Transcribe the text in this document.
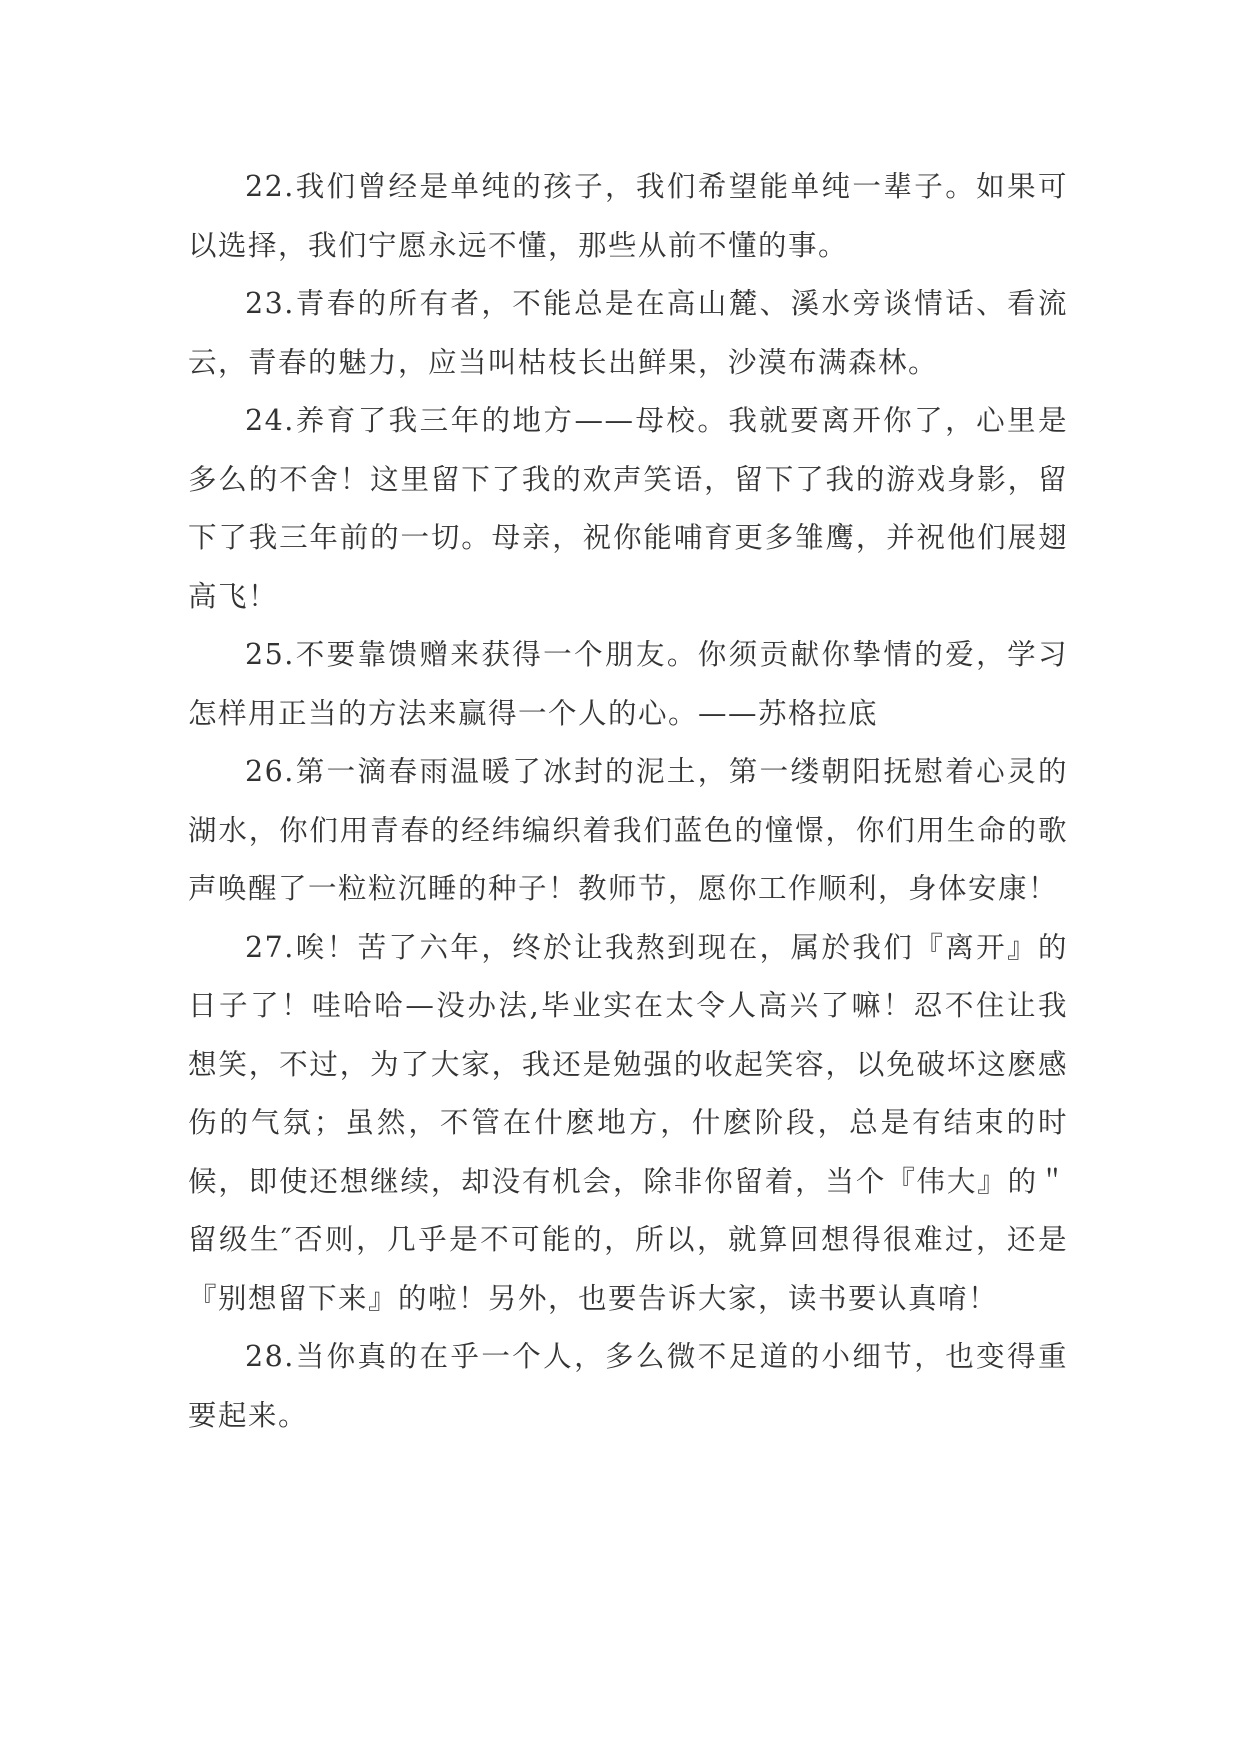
22.我们曾经是单纯的孩子，我们希望能单纯一辈子。如果可以选择，我们宁愿永远不懂，那些从前不懂的事。

23.青春的所有者，不能总是在高山麓、溪水旁谈情话、看流云，青春的魅力，应当叫枯枝长出鲜果，沙漠布满森林。

24.养育了我三年的地方——母校。我就要离开你了，心里是多么的不舍！这里留下了我的欢声笑语，留下了我的游戏身影，留下了我三年前的一切。母亲，祝你能哺育更多雏鹰，并祝他们展翅高飞！

25.不要靠馈赠来获得一个朋友。你须贡献你挚情的爱，学习怎样用正当的方法来赢得一个人的心。——苏格拉底

26.第一滴春雨温暖了冰封的泥土，第一缕朝阳抚慰着心灵的湖水，你们用青春的经纬编织着我们蓝色的憧憬，你们用生命的歌声唤醒了一粒粒沉睡的种子！教师节，愿你工作顺利，身体安康！

27.唉！苦了六年，终於让我熬到现在，属於我们『离开』的日子了！哇哈哈—没办法,毕业实在太令人高兴了嘛！忍不住让我想笑，不过，为了大家，我还是勉强的收起笑容，以免破坏这麽感伤的气氛；虽然，不管在什麽地方，什麽阶段，总是有结束的时候，即使还想继续，却没有机会，除非你留着，当个『伟大』的＂留级生″否则，几乎是不可能的，所以，就算回想得很难过，还是『别想留下来』的啦！另外，也要告诉大家，读书要认真唷！

28.当你真的在乎一个人，多么微不足道的小细节，也变得重要起来。
